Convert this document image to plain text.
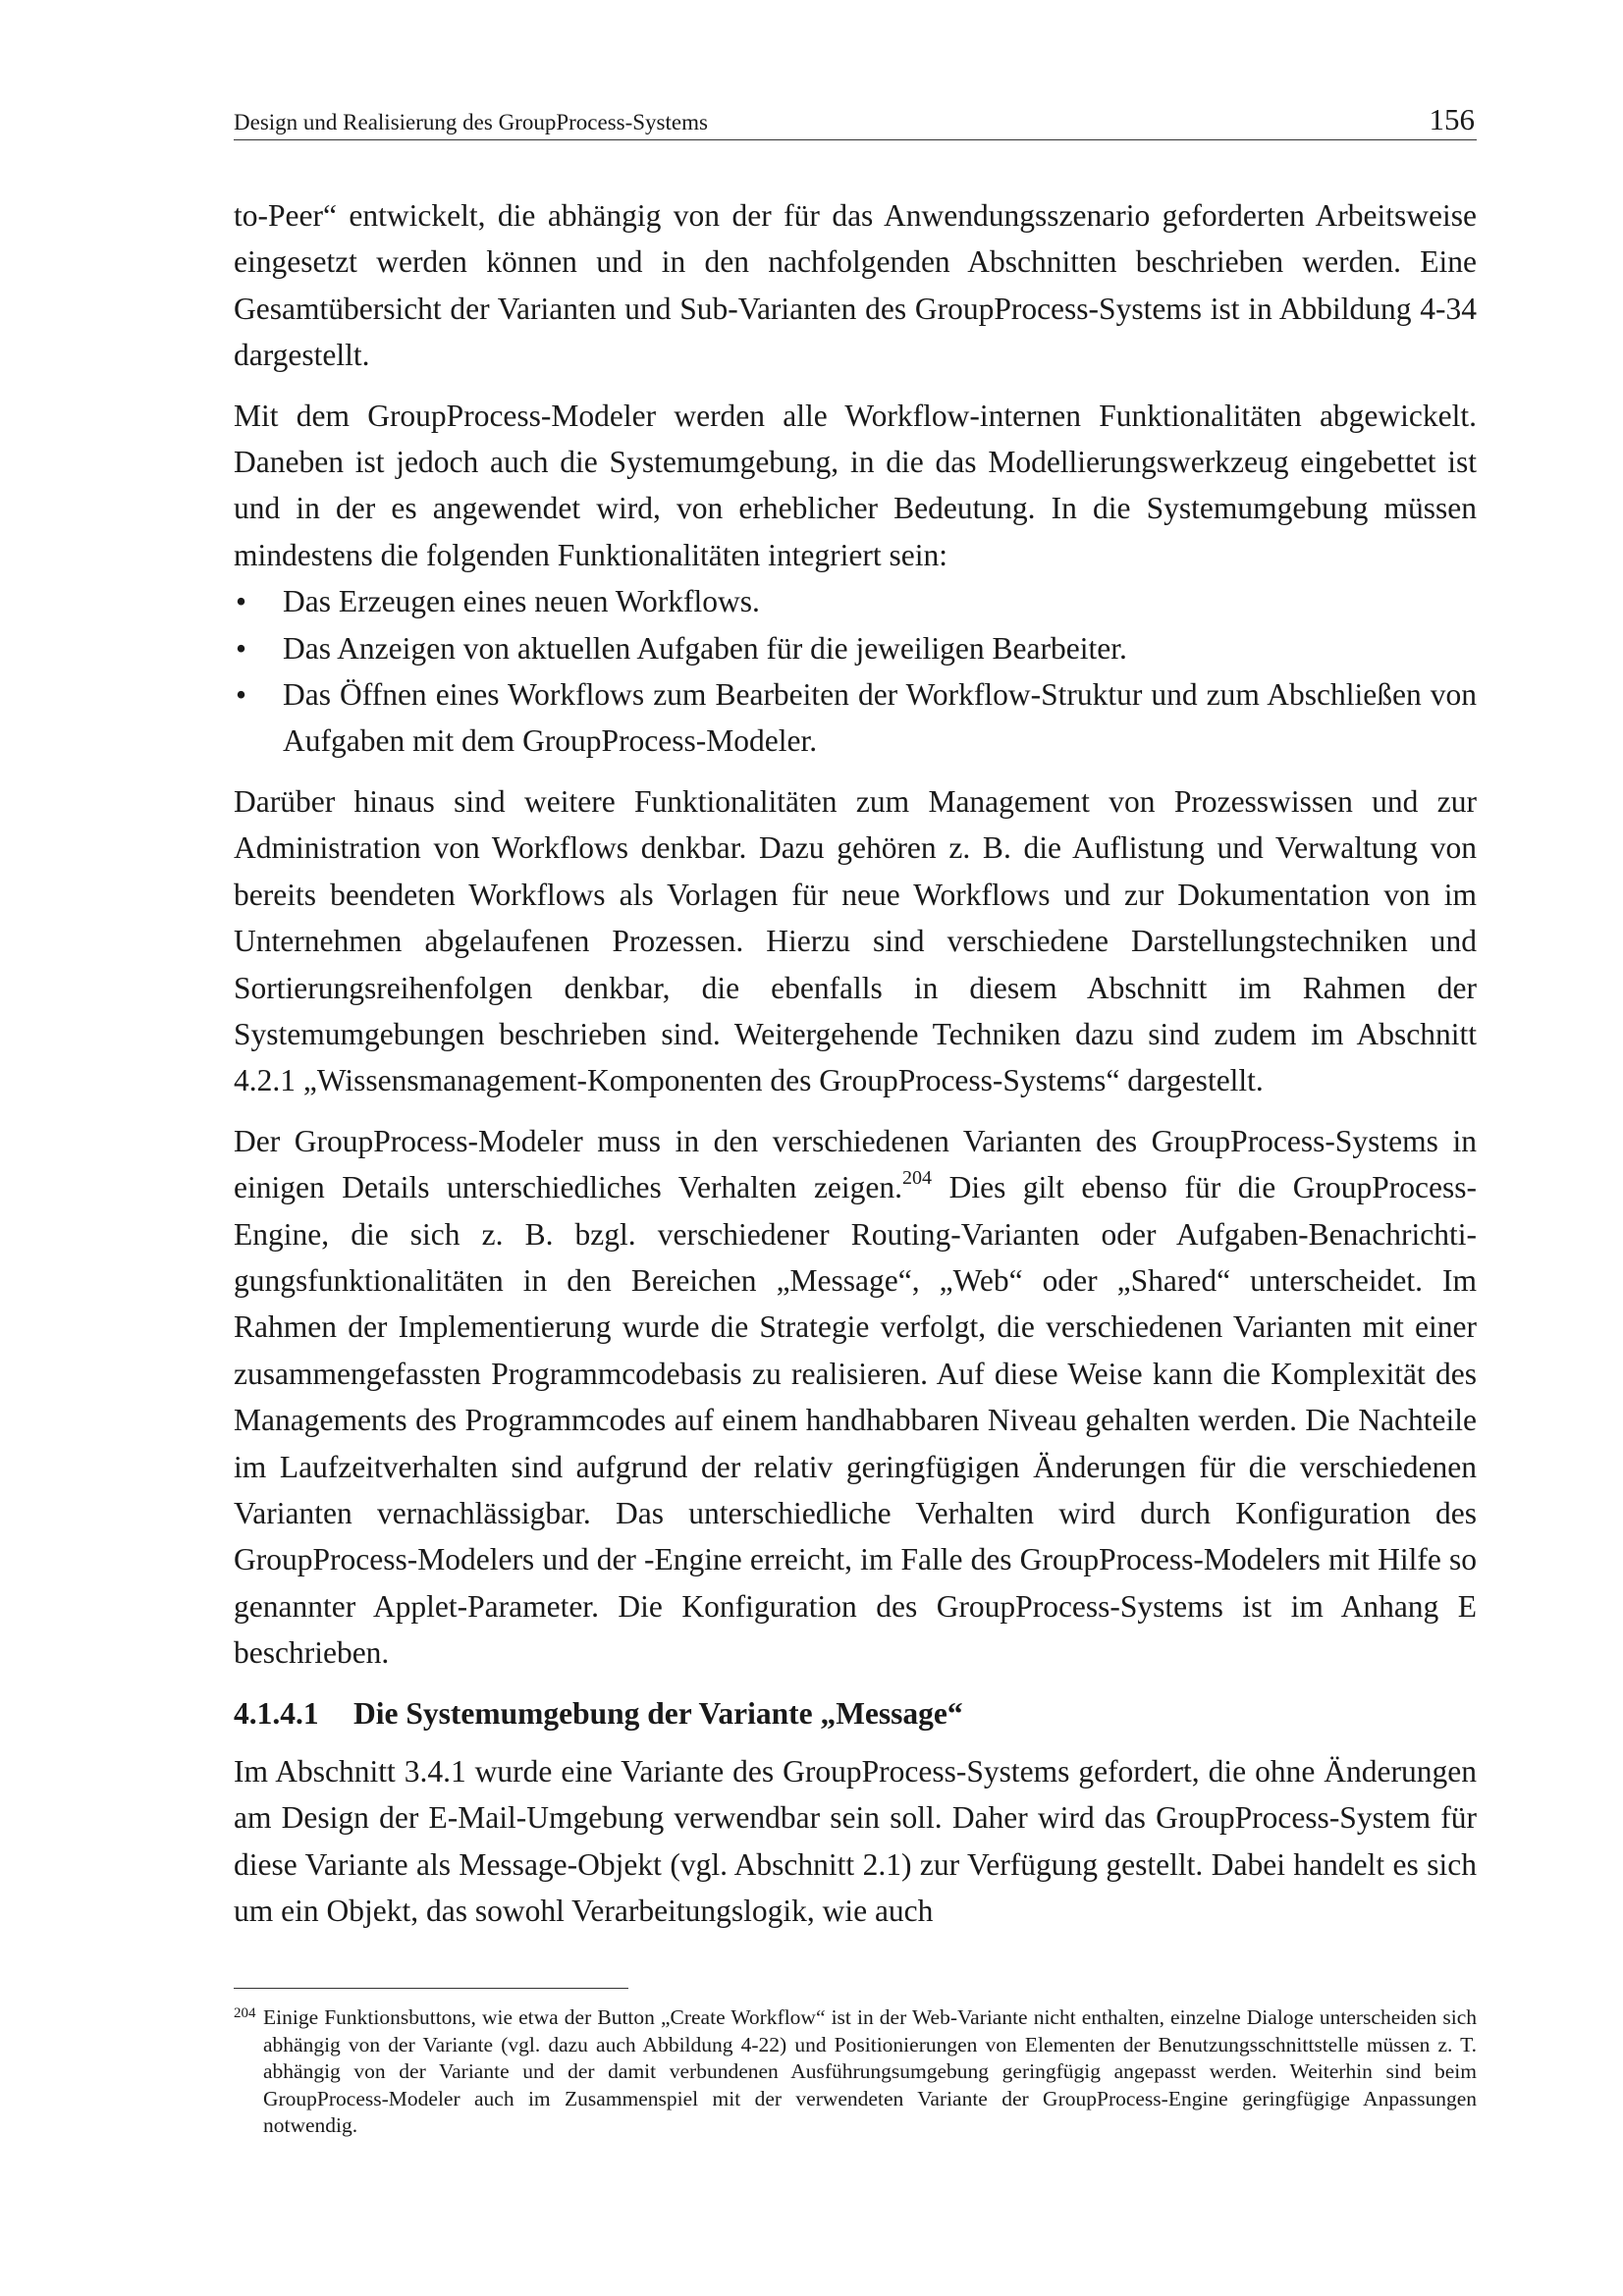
Design und Realisierung des GroupProcess-Systems	156

to-Peer“ entwickelt, die abhängig von der für das Anwendungsszenario geforderten Arbeitsweise eingesetzt werden können und in den nachfolgenden Abschnitten beschrieben werden. Eine Gesamtübersicht der Varianten und Sub-Varianten des GroupProcess-Systems ist in Abbildung 4-34 dargestellt.

Mit dem GroupProcess-Modeler werden alle Workflow-internen Funktionalitäten abgewickelt. Daneben ist jedoch auch die Systemumgebung, in die das Modellierungswerkzeug eingebettet ist und in der es angewendet wird, von erheblicher Bedeutung. In die Systemumgebung müssen mindestens die folgenden Funktionalitäten integriert sein:

• Das Erzeugen eines neuen Workflows.
• Das Anzeigen von aktuellen Aufgaben für die jeweiligen Bearbeiter.
• Das Öffnen eines Workflows zum Bearbeiten der Workflow-Struktur und zum Abschließen von Aufgaben mit dem GroupProcess-Modeler.

Darüber hinaus sind weitere Funktionalitäten zum Management von Prozesswissen und zur Administration von Workflows denkbar. Dazu gehören z. B. die Auflistung und Verwaltung von bereits beendeten Workflows als Vorlagen für neue Workflows und zur Dokumentation von im Unternehmen abgelaufenen Prozessen. Hierzu sind verschiedene Darstellungstechniken und Sortierungsreihenfolgen denkbar, die ebenfalls in diesem Abschnitt im Rahmen der Systemumgebungen beschrieben sind. Weitergehende Techniken dazu sind zudem im Abschnitt 4.2.1 „Wissensmanagement-Komponenten des GroupProcess-Systems“ dargestellt.

Der GroupProcess-Modeler muss in den verschiedenen Varianten des GroupProcess-Systems in einigen Details unterschiedliches Verhalten zeigen.$^{204}$ Dies gilt ebenso für die GroupProcess-Engine, die sich z. B. bzgl. verschiedener Routing-Varianten oder Aufgaben-Benachrichtigungsfunktionalitäten in den Bereichen „Message“, „Web“ oder „Shared“ unterscheidet. Im Rahmen der Implementierung wurde die Strategie verfolgt, die verschiedenen Varianten mit einer zusammengefassten Programmcodebasis zu realisieren. Auf diese Weise kann die Komplexität des Managements des Programmcodes auf einem handhabbaren Niveau gehalten werden. Die Nachteile im Laufzeitverhalten sind aufgrund der relativ geringfügigen Änderungen für die verschiedenen Varianten vernachlässigbar. Das unterschiedliche Verhalten wird durch Konfiguration des GroupProcess-Modelers und der -Engine erreicht, im Falle des GroupProcess-Modelers mit Hilfe so genannter Applet-Parameter. Die Konfiguration des GroupProcess-Systems ist im Anhang E beschrieben.

4.1.4.1 Die Systemumgebung der Variante „Message“

Im Abschnitt 3.4.1 wurde eine Variante des GroupProcess-Systems gefordert, die ohne Änderungen am Design der E-Mail-Umgebung verwendbar sein soll. Daher wird das GroupProcess-System für diese Variante als Message-Objekt (vgl. Abschnitt 2.1) zur Verfügung gestellt. Dabei handelt es sich um ein Objekt, das sowohl Verarbeitungslogik, wie auch

204 Einige Funktionsbuttons, wie etwa der Button „Create Workflow“ ist in der Web-Variante nicht enthalten, einzelne Dialoge unterscheiden sich abhängig von der Variante (vgl. dazu auch Abbildung 4-22) und Positionierungen von Elementen der Benutzungsschnittstelle müssen z. T. abhängig von der Variante und der damit verbundenen Ausführungsumgebung geringfügig angepasst werden. Weiterhin sind beim GroupProcess-Modeler auch im Zusammenspiel mit der verwendeten Variante der GroupProcess-Engine geringfügige Anpassungen notwendig.
